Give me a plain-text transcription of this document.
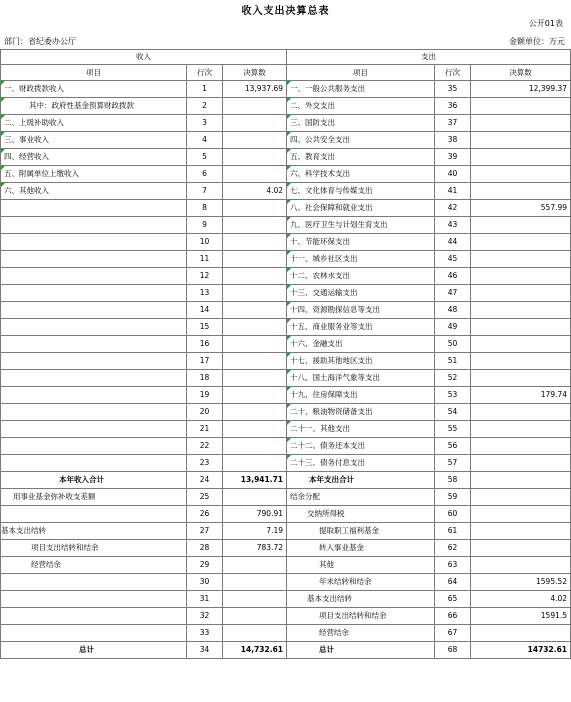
收入支出决算总表
公开01表
部门：省纪委办公厅	金额单位：万元
收入			支出		
项目	行次	决算数	项目	行次	决算数
一、财政拨款收入	1	13,937.69	一、一般公共服务支出	35	12,399.37
其中：政府性基金预算财政拨款	2		二、外交支出	36	
二、上级补助收入	3		三、国防支出	37	
三、事业收入	4		四、公共安全支出	38	
四、经营收入	5		五、教育支出	39	
五、附属单位上缴收入	6		六、科学技术支出	40	
六、其他收入	7	4.02	七、文化体育与传媒支出	41	
	8		八、社会保障和就业支出	42	557.99
	9		九、医疗卫生与计划生育支出	43	
	10		十、节能环保支出	44	
	11		十一、城乡社区支出	45	
	12		十二、农林水支出	46	
	13		十三、交通运输支出	47	
	14		十四、资源勘探信息等支出	48	
	15		十五、商业服务业等支出	49	
	16		十六、金融支出	50	
	17		十七、援助其他地区支出	51	
	18		十八、国土海洋气象等支出	52	
	19		十九、住房保障支出	53	179.74
	20		二十、粮油物资储备支出	54	
	21		二十一、其他支出	55	
	22		二十二、债务还本支出	56	
	23		二十三、债务付息支出	57	
本年收入合计	24	13,941.71	本年支出合计	58	
用事业基金弥补收支差额	25		结余分配	59	
	26	790.91	交纳所得税	60	
基本支出结转	27	7.19	提取职工福利基金	61	
项目支出结转和结余	28	783.72	转入事业基金	62	
经营结余	29		其他	63	
	30		年末结转和结余	64	1595.52
	31		基本支出结转	65	4.02
	32		项目支出结转和结余	66	1591.5
	33		经营结余	67	
总计	34	14,732.61	总计	68	14732.61
